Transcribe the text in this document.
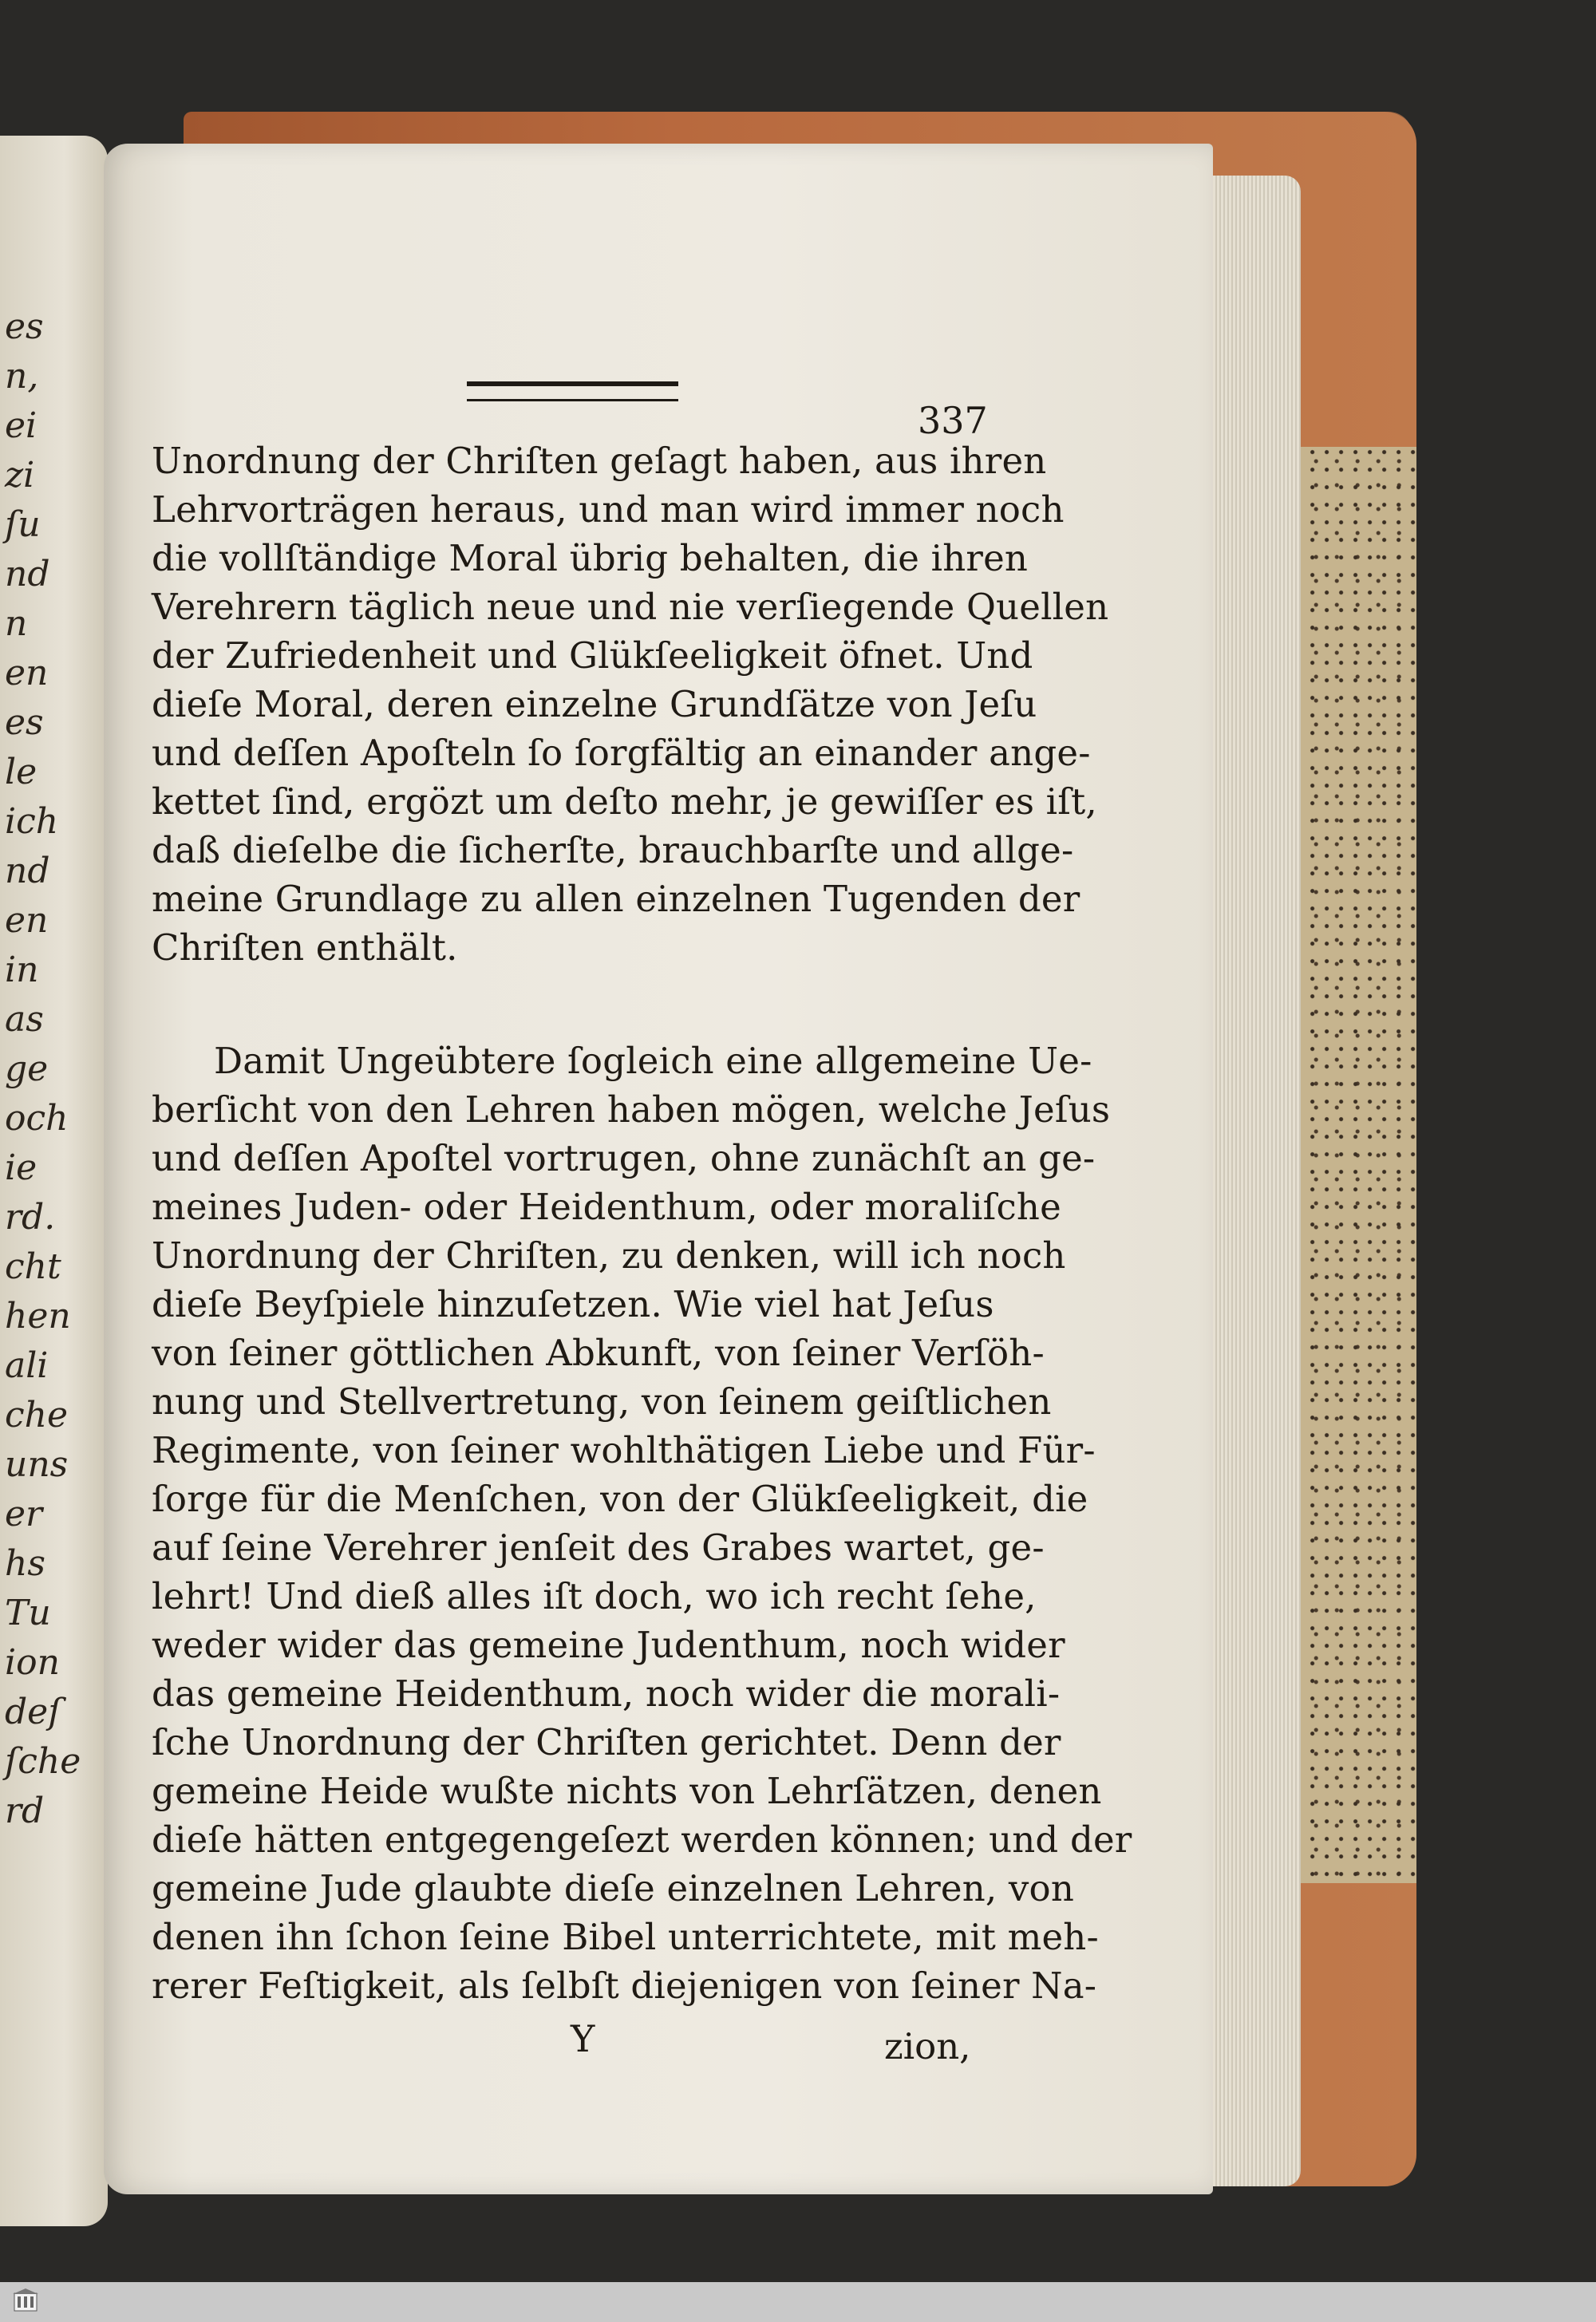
es
n,
ei
zi
ſu
nd
n
en
es
le
ich
nd
en
in
as
ge
och
ie
rd.
cht
hen
ali
che
uns
er
hs
Tu
ion
deſ
ſche
rd
337
Unordnung der Chriſten geſagt haben, aus ihren
Lehrvorträgen heraus, und man wird immer noch
die vollſtändige Moral übrig behalten, die ihren
Verehrern täglich neue und nie verſiegende Quellen
der Zufriedenheit und Glükſeeligkeit öfnet. Und
dieſe Moral, deren einzelne Grundſätze von Jeſu
und deſſen Apoſteln ſo ſorgfältig an einander ange-
kettet ſind, ergözt um deſto mehr, je gewiſſer es iſt,
daß dieſelbe die ſicherſte, brauchbarſte und allge-
meine Grundlage zu allen einzelnen Tugenden der
Chriſten enthält.
Damit Ungeübtere ſogleich eine allgemeine Ue-
berſicht von den Lehren haben mögen, welche Jeſus
und deſſen Apoſtel vortrugen, ohne zunächſt an ge-
meines Juden- oder Heidenthum, oder moraliſche
Unordnung der Chriſten, zu denken, will ich noch
dieſe Beyſpiele hinzuſetzen. Wie viel hat Jeſus
von ſeiner göttlichen Abkunft, von ſeiner Verſöh-
nung und Stellvertretung, von ſeinem geiſtlichen
Regimente, von ſeiner wohlthätigen Liebe und Für-
ſorge für die Menſchen, von der Glükſeeligkeit, die
auf ſeine Verehrer jenſeit des Grabes wartet, ge-
lehrt! Und dieß alles iſt doch, wo ich recht ſehe,
weder wider das gemeine Judenthum, noch wider
das gemeine Heidenthum, noch wider die morali-
ſche Unordnung der Chriſten gerichtet. Denn der
gemeine Heide wußte nichts von Lehrſätzen, denen
dieſe hätten entgegengeſezt werden können; und der
gemeine Jude glaubte dieſe einzelnen Lehren, von
denen ihn ſchon ſeine Bibel unterrichtete, mit meh-
rerer Feſtigkeit, als ſelbſt diejenigen von ſeiner Na-
Y	zion,
